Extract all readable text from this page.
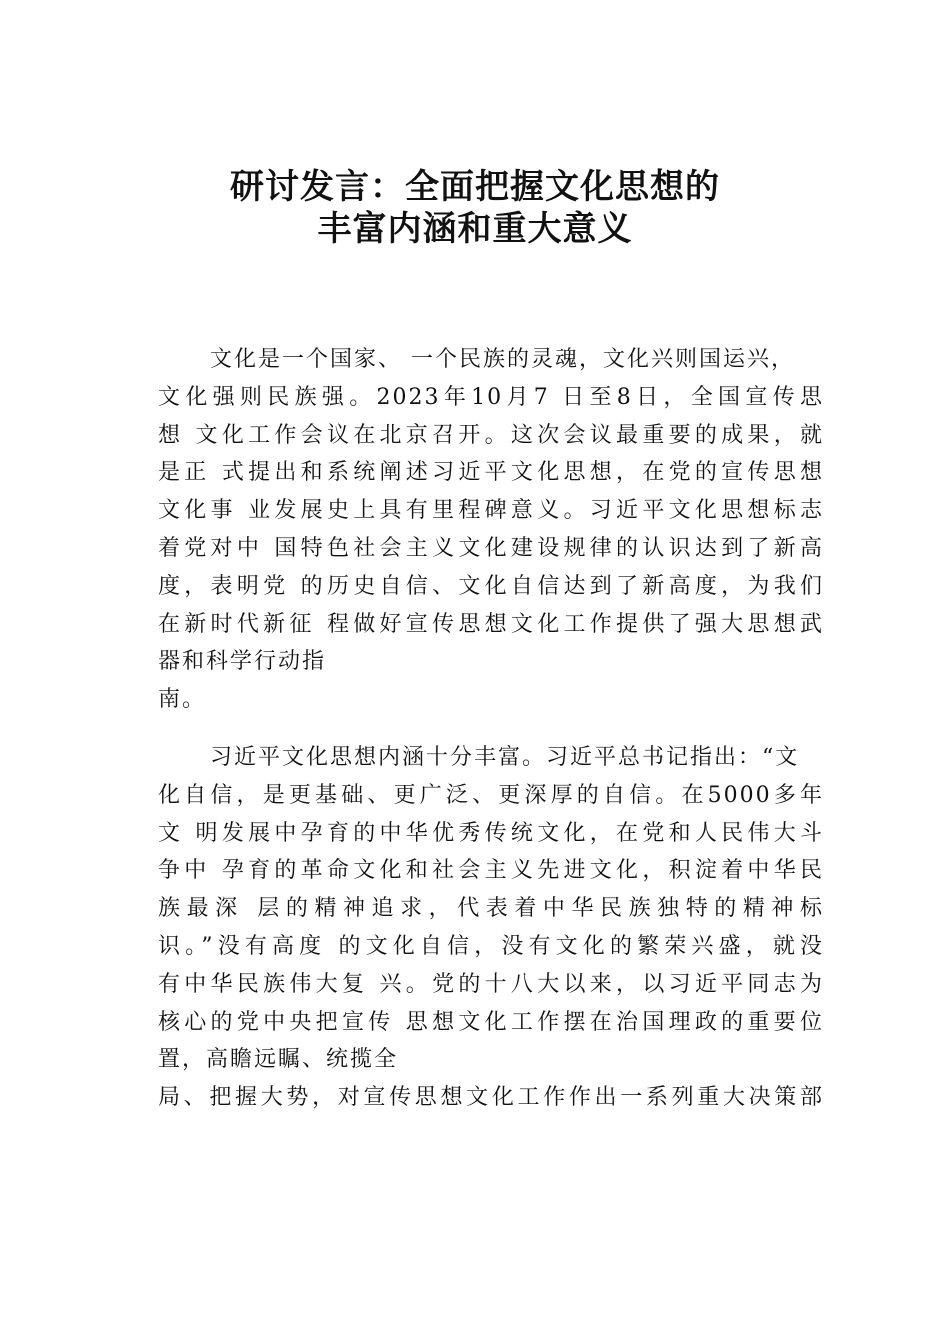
研讨发言：全面把握文化思想的
丰富内涵和重大意义
文化是一个国家、 一个民族的灵魂，文化兴则国运兴，
文化强则民族强。2023年10月7 日至8日，全国宣传思
想 文化工作会议在北京召开。这次会议最重要的成果，就
是正 式提出和系统阐述习近平文化思想，在党的宣传思想
文化事 业发展史上具有里程碑意义。习近平文化思想标志
着党对中 国特色社会主义文化建设规律的认识达到了新高
度，表明党 的历史自信、文化自信达到了新高度，为我们
在新时代新征 程做好宣传思想文化工作提供了强大思想武
器和科学行动指
南。
习近平文化思想内涵十分丰富。习近平总书记指出：“文
化自信，是更基础、更广泛、更深厚的自信。在5000多年
文 明发展中孕育的中华优秀传统文化，在党和人民伟大斗
争中 孕育的革命文化和社会主义先进文化，积淀着中华民
族最深 层的精神追求，代表着中华民族独特的精神标
识。”没有高度 的文化自信，没有文化的繁荣兴盛，就没
有中华民族伟大复 兴。党的十八大以来，以习近平同志为
核心的党中央把宣传 思想文化工作摆在治国理政的重要位
置，高瞻远瞩、统揽全
局、把握大势，对宣传思想文化工作作出一系列重大决策部
